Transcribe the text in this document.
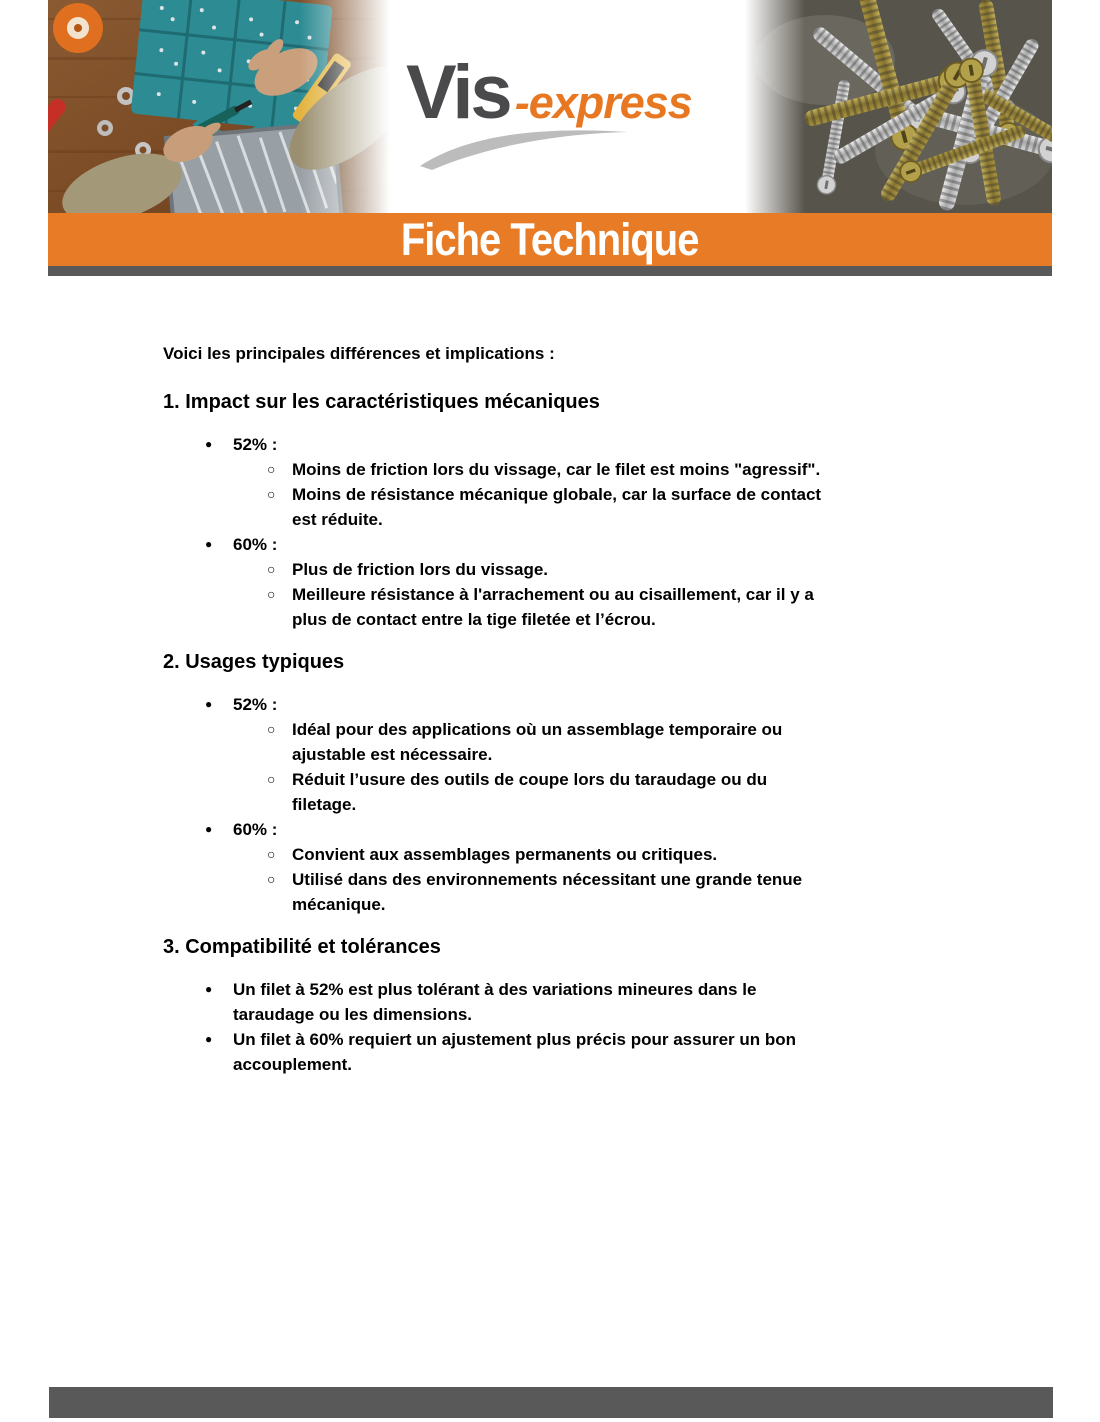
Vis -express
Fiche Technique

Voici les principales différences et implications :

1. Impact sur les caractéristiques mécaniques
● 52% :
○ Moins de friction lors du vissage, car le filet est moins "agressif".
○ Moins de résistance mécanique globale, car la surface de contact
est réduite.
● 60% :
○ Plus de friction lors du vissage.
○ Meilleure résistance à l'arrachement ou au cisaillement, car il y a
plus de contact entre la tige filetée et l’écrou.
2. Usages typiques
● 52% :
○ Idéal pour des applications où un assemblage temporaire ou
ajustable est nécessaire.
○ Réduit l’usure des outils de coupe lors du taraudage ou du
filetage.
● 60% :
○ Convient aux assemblages permanents ou critiques.
○ Utilisé dans des environnements nécessitant une grande tenue
mécanique.
3. Compatibilité et tolérances
● Un filet à 52% est plus tolérant à des variations mineures dans le
taraudage ou les dimensions.
● Un filet à 60% requiert un ajustement plus précis pour assurer un bon
accouplement.
